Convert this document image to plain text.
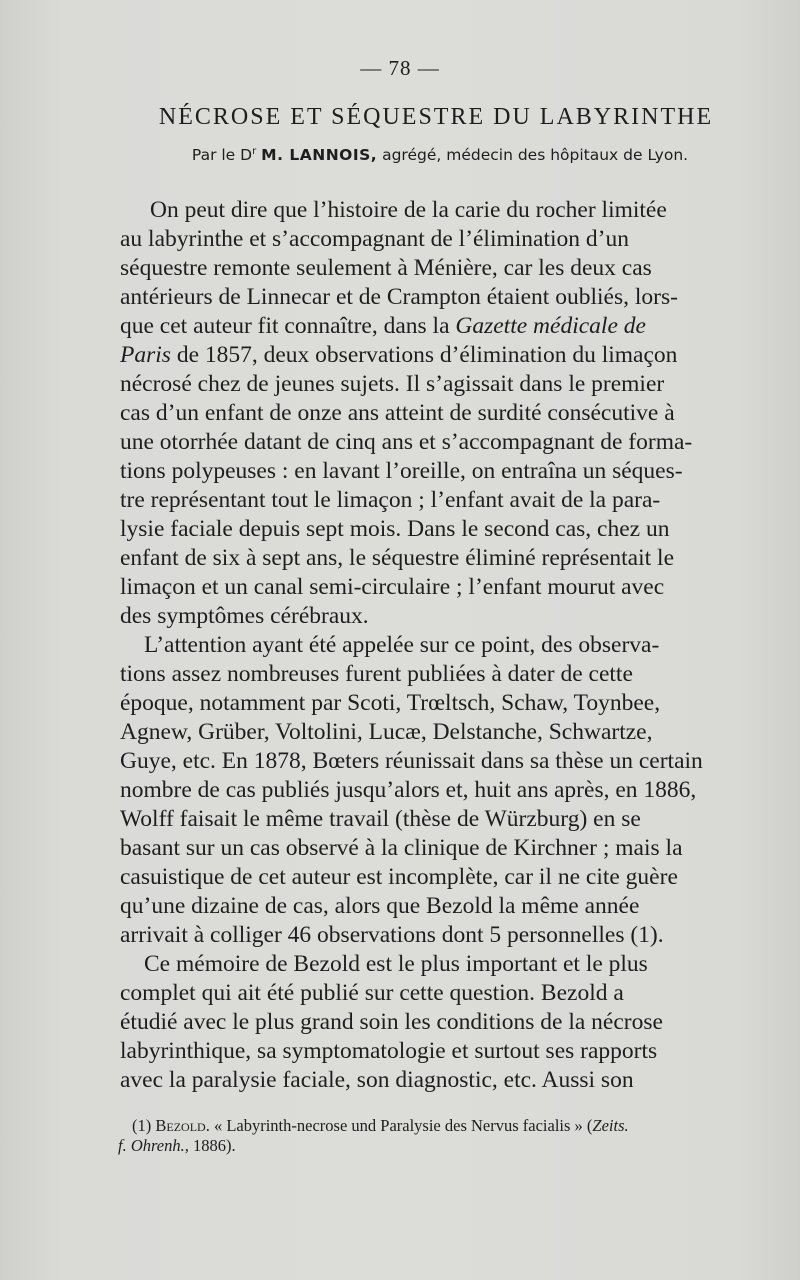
— 78 —
NÉCROSE ET SÉQUESTRE DU LABYRINTHE
Par le $D^r$ M. LANNOIS, agrégé, médecin des hôpitaux de Lyon.
On peut dire que l’histoire de la carie du rocher limitée
au labyrinthe et s’accompagnant de l’élimination d’un
séquestre remonte seulement à Ménière, car les deux cas
antérieurs de Linnecar et de Crampton étaient oubliés, lors-
que cet auteur fit connaître, dans la Gazette médicale de
Paris de 1857, deux observations d’élimination du limaçon
nécrosé chez de jeunes sujets. Il s’agissait dans le premier
cas d’un enfant de onze ans atteint de surdité consécutive à
une otorrhée datant de cinq ans et s’accompagnant de forma-
tions polypeuses : en lavant l’oreille, on entraîna un séques-
tre représentant tout le limaçon ; l’enfant avait de la para-
lysie faciale depuis sept mois. Dans le second cas, chez un
enfant de six à sept ans, le séquestre éliminé représentait le
limaçon et un canal semi-circulaire ; l’enfant mourut avec
des symptômes cérébraux.
L’attention ayant été appelée sur ce point, des observa-
tions assez nombreuses furent publiées à dater de cette
époque, notamment par Scoti, Trœltsch, Schaw, Toynbee,
Agnew, Grüber, Voltolini, Lucæ, Delstanche, Schwartze,
Guye, etc. En 1878, Bœters réunissait dans sa thèse un certain
nombre de cas publiés jusqu’alors et, huit ans après, en 1886,
Wolff faisait le même travail (thèse de Würzburg) en se
basant sur un cas observé à la clinique de Kirchner ; mais la
casuistique de cet auteur est incomplète, car il ne cite guère
qu’une dizaine de cas, alors que Bezold la même année
arrivait à colliger 46 observations dont 5 personnelles (1).
Ce mémoire de Bezold est le plus important et le plus
complet qui ait été publié sur cette question. Bezold a
étudié avec le plus grand soin les conditions de la nécrose
labyrinthique, sa symptomatologie et surtout ses rapports
avec la paralysie faciale, son diagnostic, etc. Aussi son
(1) Bezold. « Labyrinth-necrose und Paralysie des Nervus facialis » (Zeits.
f. Ohrenh., 1886).
